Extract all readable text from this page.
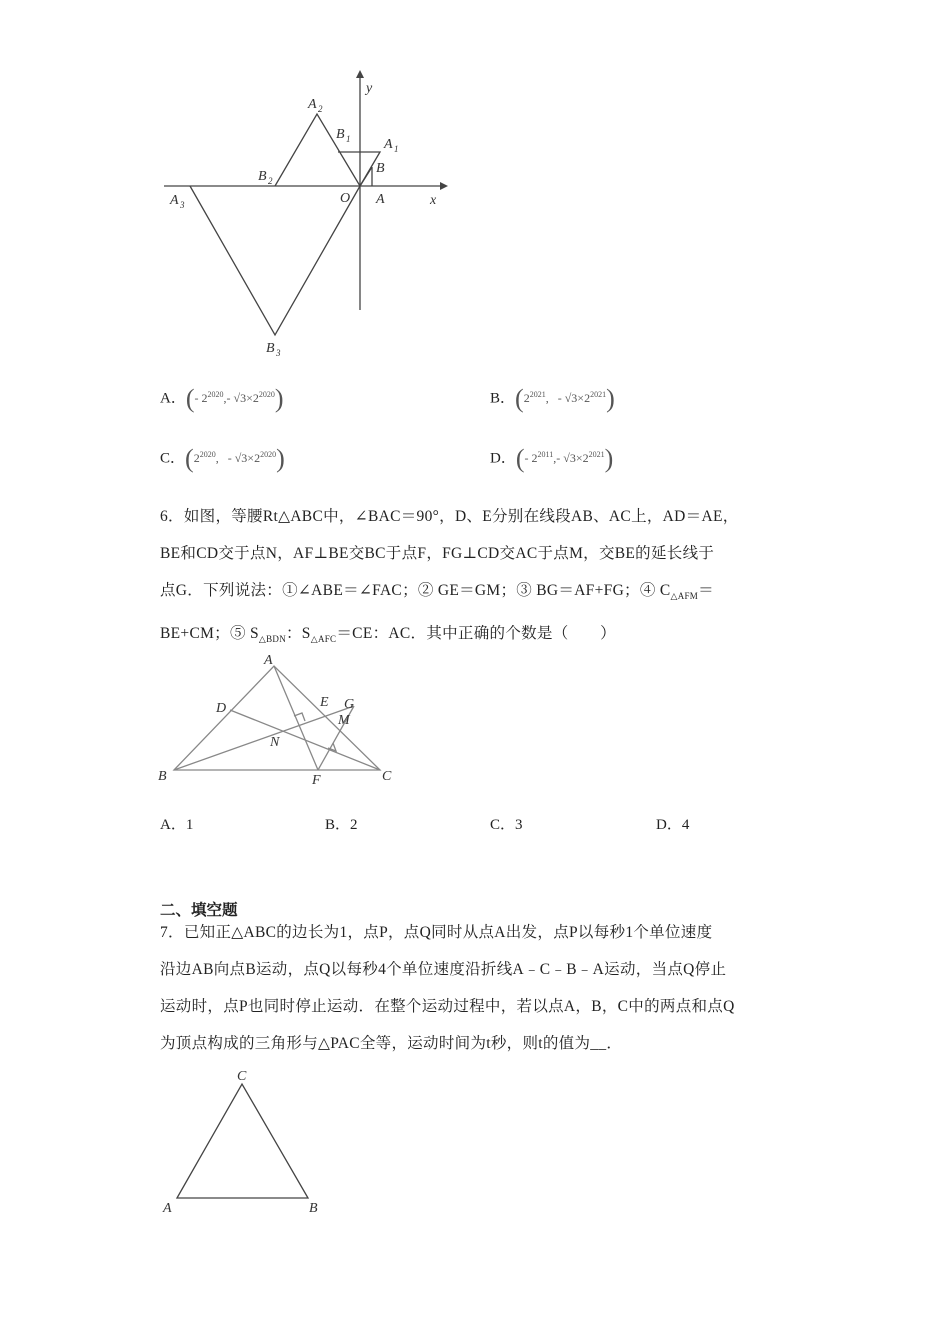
y
x
O A
B
A 1
B 1
A 2
B 2
A 3
B 3
A．(- $2^{2020},-$ $√3\times 2^{2020}$)	B．($2^{2021}$, - $√3\times 2^{2021}$)
C．($2^{2020}$, - $√3\times 2^{2020}$)	D．(- $2^{2011},-$ $√3\times 2^{2021}$)
6．如图，等腰Rt△ABC中，∠BAC＝90°，D、E分别在线段AB、AC上，AD＝AE，
BE和CD交于点N，AF⊥BE交BC于点F，FG⊥CD交AC于点M，交BE的延长线于
点G．下列说法：①∠ABE＝∠FAC；② GE＝GM；③ BG＝AF+FG；④ $C_{\triangle AFM}=$
BE+CM；⑤ $S_{\triangle BDN}$：$S_{\triangle AFC}=CE$：AC．其中正确的个数是（　　）
A
B	C
D	E
F
G
M
N
A．1	B．2	C．3	D．4
二、填空题
7．已知正△ABC的边长为1，点P，点Q同时从点A出发，点P以每秒1个单位速度
沿边AB向点B运动，点Q以每秒4个单位速度沿折线A﹣C﹣B﹣A运动，当点Q停止
运动时，点P也同时停止运动．在整个运动过程中，若以点A，B，C中的两点和点Q
为顶点构成的三角形与△PAC全等，运动时间为t秒，则t的值为__．
C
A	B
